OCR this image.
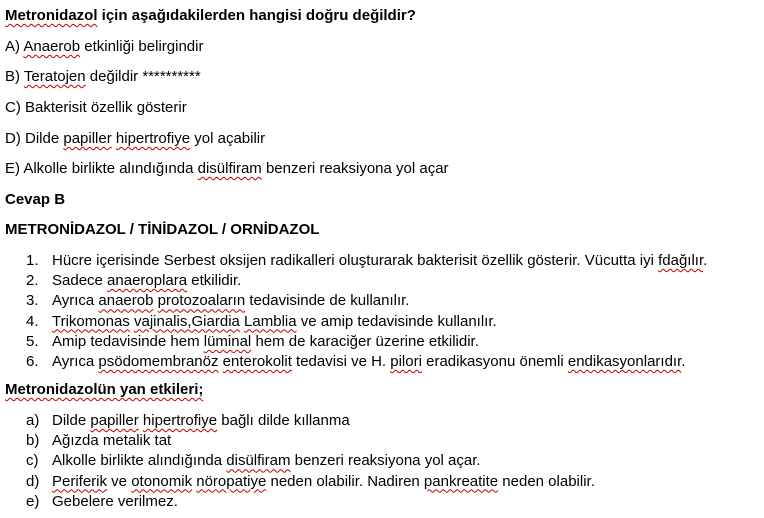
Metronidazol için aşağıdakilerden hangisi doğru değildir?
A) Anaerob etkinliği belirgindir
B) Teratojen değildir **********
C) Bakterisit özellik gösterir
D) Dilde papiller hipertrofiye yol açabilir
E) Alkolle birlikte alındığında disülfiram benzeri reaksiyona yol açar
Cevap B
METRONİDAZOL / TİNİDAZOL / ORNİDAZOL
1. Hücre içerisinde Serbest oksijen radikalleri oluşturarak bakterisit özellik gösterir. Vücutta iyi fdağılır.
2. Sadece anaeroplara etkilidir.
3. Ayrıca anaerob protozoaların tedavisinde de kullanılır.
4. Trikomonas vajinalis,Giardia Lamblia ve amip tedavisinde kullanılır.
5. Amip tedavisinde hem lüminal hem de karaciğer üzerine etkilidir.
6. Ayrıca psödomembranöz enterokolit tedavisi ve H. pilori eradikasyonu önemli endikasyonlarıdır.
Metronidazolün yan etkileri;
a) Dilde papiller hipertrofiye bağlı dilde kıllanma
b) Ağızda metalik tat
c) Alkolle birlikte alındığında disülfiram benzeri reaksiyona yol açar.
d) Periferik ve otonomik nöropatiye neden olabilir. Nadiren pankreatite neden olabilir.
e) Gebelere verilmez.
